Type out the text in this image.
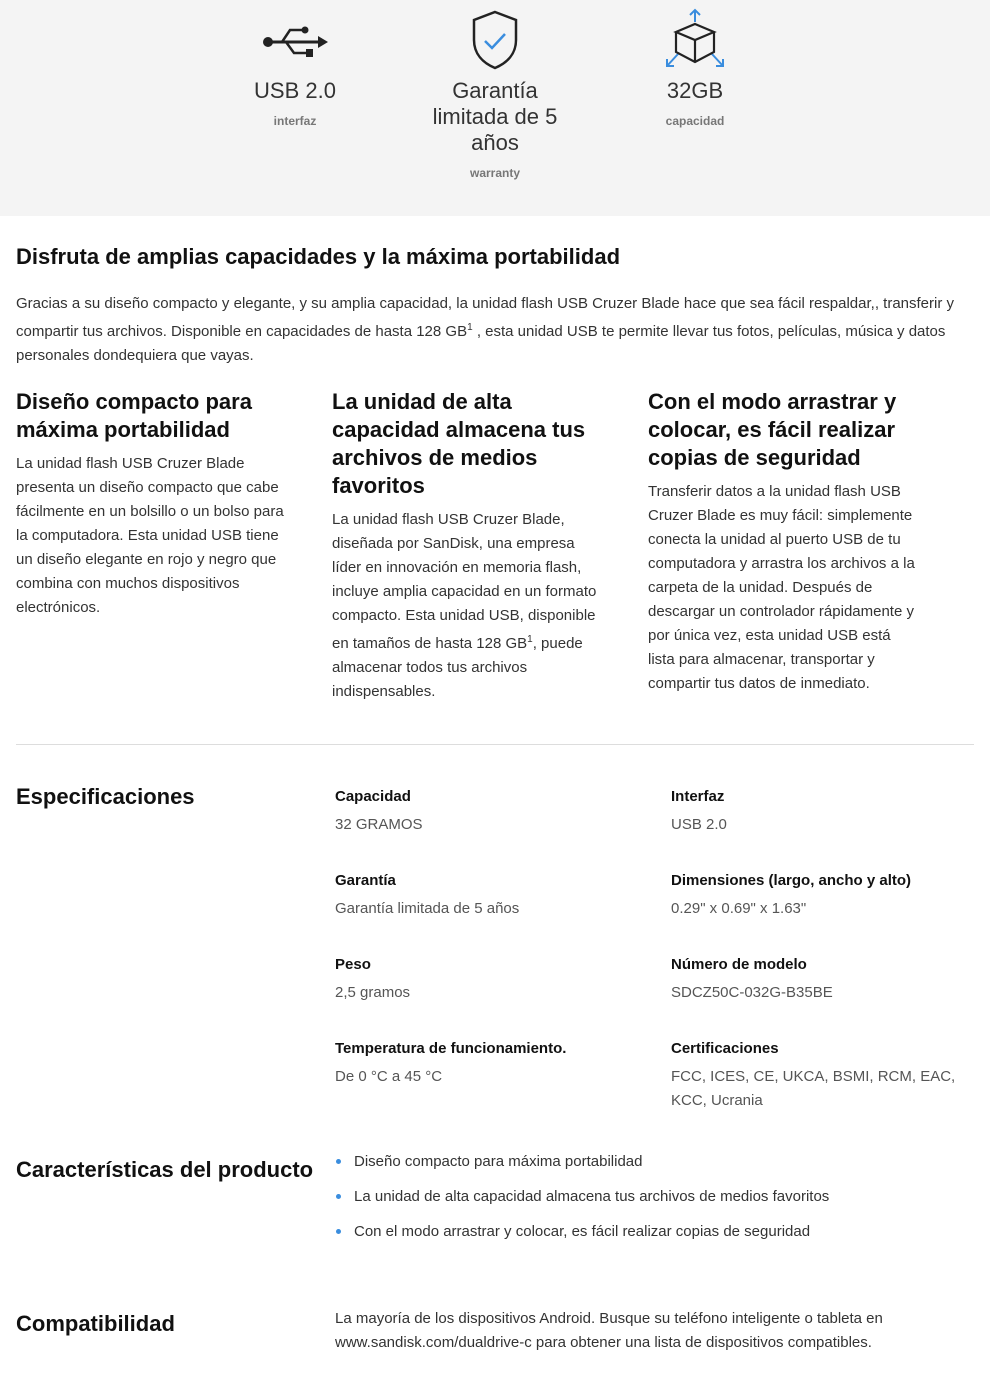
USB 2.0
interfaz
Garantía limitada de 5 años
warranty
32GB
capacidad
Disfruta de amplias capacidades y la máxima portabilidad

Gracias a su diseño compacto y elegante, y su amplia capacidad, la unidad flash USB Cruzer Blade hace que sea fácil respaldar,, transferir y compartir tus archivos. Disponible en capacidades de hasta 128 $GB^1$ , esta unidad USB te permite llevar tus fotos, películas, música y datos personales dondequiera que vayas.

Diseño compacto para máxima portabilidad

La unidad flash USB Cruzer Blade presenta un diseño compacto que cabe fácilmente en un bolsillo o un bolso para la computadora. Esta unidad USB tiene un diseño elegante en rojo y negro que combina con muchos dispositivos electrónicos.

La unidad de alta capacidad almacena tus archivos de medios favoritos

La unidad flash USB Cruzer Blade, diseñada por SanDisk, una empresa líder en innovación en memoria flash, incluye amplia capacidad en un formato compacto. Esta unidad USB, disponible en tamaños de hasta 128 $GB^1$, puede almacenar todos tus archivos indispensables.

Con el modo arrastrar y colocar, es fácil realizar copias de seguridad

Transferir datos a la unidad flash USB Cruzer Blade es muy fácil: simplemente conecta la unidad al puerto USB de tu computadora y arrastra los archivos a la carpeta de la unidad. Después de descargar un controlador rápidamente y por única vez, esta unidad USB está lista para almacenar, transportar y compartir tus datos de inmediato.

Especificaciones	Capacidad
32 GRAMOS
Interfaz
USB 2.0
Garantía
Garantía limitada de 5 años
Dimensiones (largo, ancho y alto)
0.29" x 0.69" x 1.63"
Peso
2,5 gramos
Número de modelo
SDCZ50C-032G-B35BE
Temperatura de funcionamiento.
De 0 °C a 45 °C
Certificaciones
FCC, ICES, CE, UKCA, BSMI, RCM, EAC, KCC, Ucrania
Características del producto	Diseño compacto para máxima portabilidad
La unidad de alta capacidad almacena tus archivos de medios favoritos
Con el modo arrastrar y colocar, es fácil realizar copias de seguridad
Compatibilidad	La mayoría de los dispositivos Android. Busque su teléfono inteligente o tableta en www.sandisk.com/dualdrive-c para obtener una lista de dispositivos compatibles.
